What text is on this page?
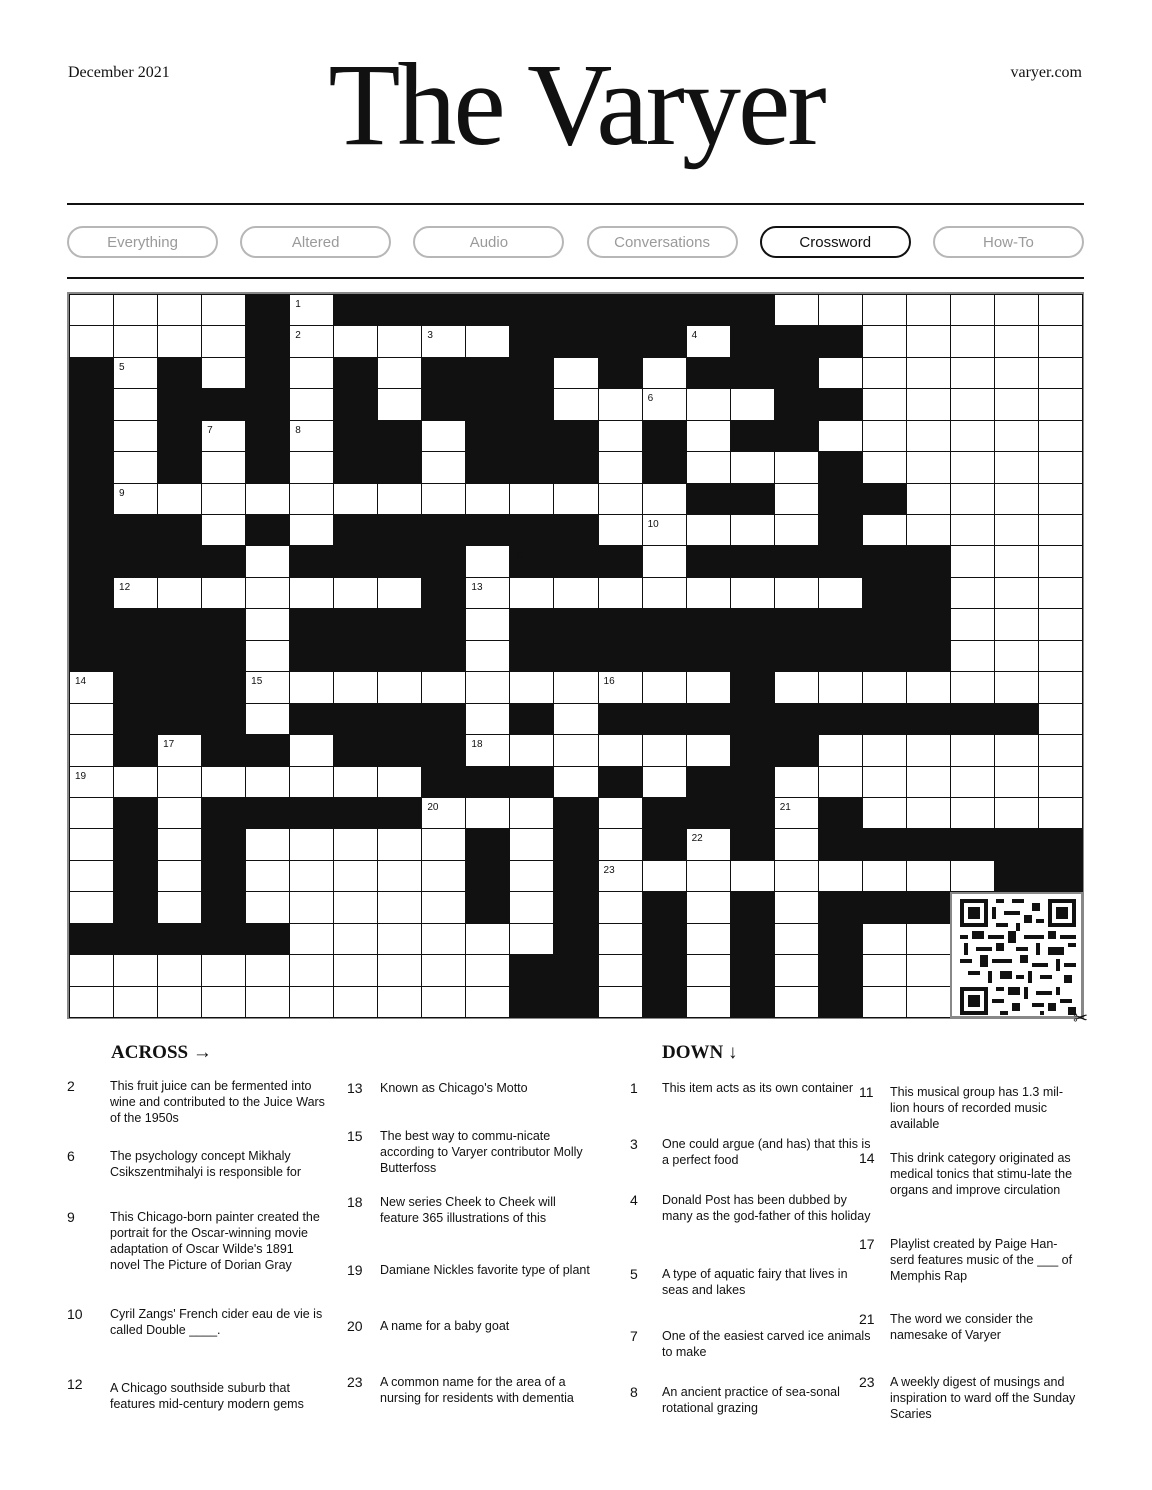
December 2021	The Varyer	varyer.com
Everything	Altered	Audio	Conversations	Crossword	How-To
1
2	3	4
5
6
7	8
9
10
11
12	13
14	15	16
17	18
19
20	21
22
23
✂
ACROSS →	DOWN ↓
2	This fruit juice can be fermented into wine and contributed to the Juice Wars of the 1950s
6	The psychology concept Mikhaly Csikszentmihalyi is responsible for
9	This Chicago-born painter created the portrait for the Oscar-winning movie adaptation of Oscar Wilde's 1891 novel The Picture of Dorian Gray
10 Cyril Zangs' French cider eau de vie is called Double ____.
12 A Chicago southside suburb that features mid-century modern gems
13 Known as Chicago's Motto
15 The best way to commu-nicate according to Varyer contributor Molly Butterfoss
18 New series Cheek to Cheek will feature 365 illustrations of this
19 Damiane Nickles favorite type of plant
20 A name for a baby goat
23 A common name for the area of a nursing for residents with dementia
1 This item acts as its own container
3 One could argue (and has) that this is a perfect food
4 Donald Post has been dubbed by many as the god-father of this holiday
5 A type of aquatic fairy that lives in seas and lakes
7 One of the easiest carved ice animals to make
8 An ancient practice of sea-sonal rotational grazing
11 This musical group has 1.3 mil-lion hours of recorded music available
14 This drink category originated as medical tonics that stimu-late the organs and improve circulation
17 Playlist created by Paige Han-serd features music of the ___ of Memphis Rap
21 The word we consider the namesake of Varyer
23 A weekly digest of musings and inspiration to ward off the Sunday Scaries
